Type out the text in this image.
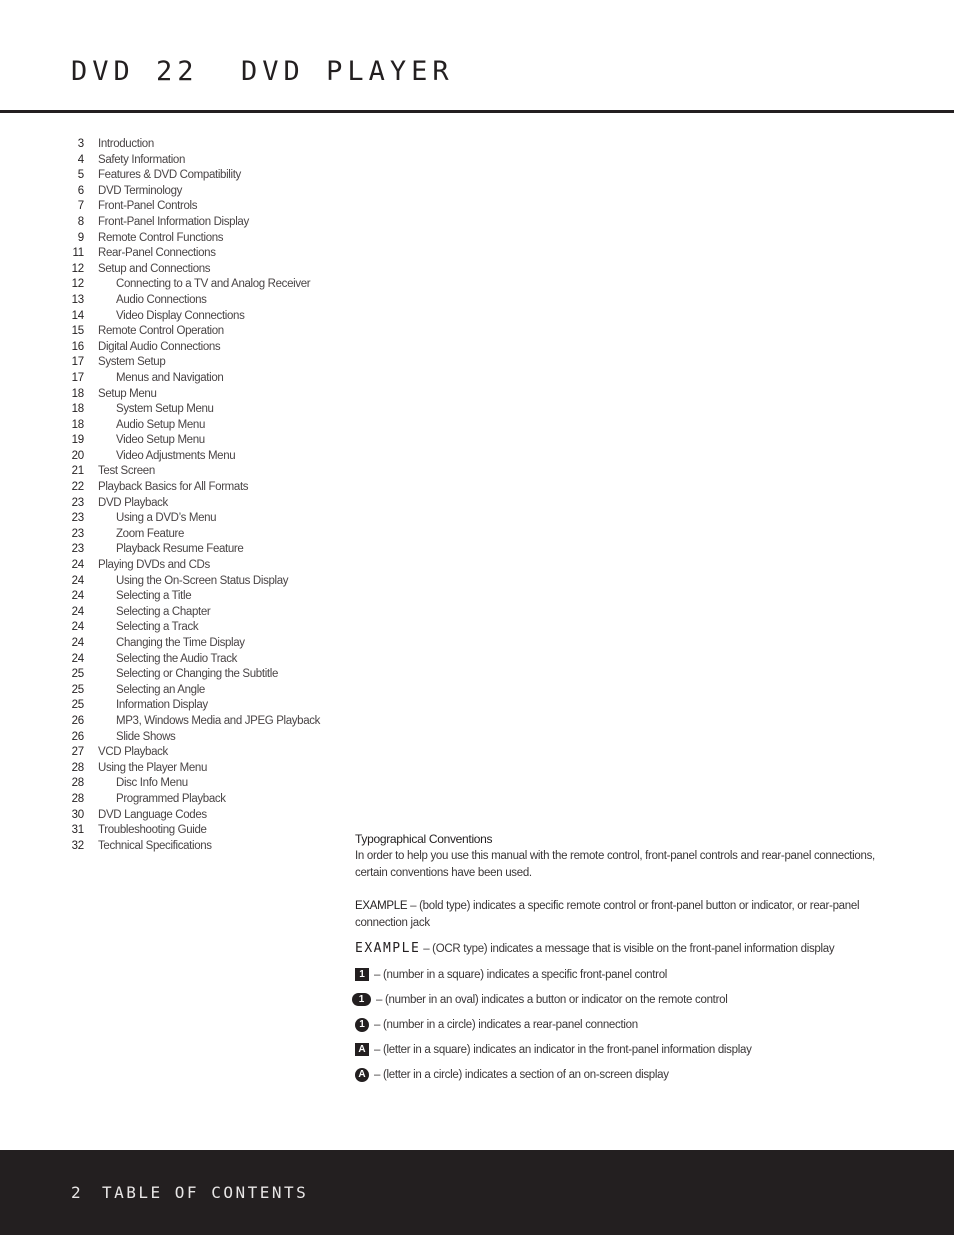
DVD 22  DVD PLAYER
3 Introduction
4 Safety Information
5 Features & DVD Compatibility
6 DVD Terminology
7 Front-Panel Controls
8 Front-Panel Information Display
9 Remote Control Functions
11 Rear-Panel Connections
12 Setup and Connections
12	Connecting to a TV and Analog Receiver
13	Audio Connections
14	Video Display Connections
15 Remote Control Operation
16 Digital Audio Connections
17 System Setup
17	Menus and Navigation
18 Setup Menu
18	System Setup Menu
18	Audio Setup Menu
19	Video Setup Menu
20	Video Adjustments Menu
21 Test Screen
22 Playback Basics for All Formats
23 DVD Playback
23	Using a DVD’s Menu
23	Zoom Feature
23	Playback Resume Feature
24 Playing DVDs and CDs
24	Using the On-Screen Status Display
24	Selecting a Title
24	Selecting a Chapter
24	Selecting a Track
24	Changing the Time Display
24	Selecting the Audio Track
25	Selecting or Changing the Subtitle
25	Selecting an Angle
25	Information Display
26	MP3, Windows Media and JPEG Playback
26	Slide Shows
27 VCD Playback
28 Using the Player Menu
28	Disc Info Menu
28	Programmed Playback
30 DVD Language Codes
31 Troubleshooting Guide
32 Technical Specifications	Typographical Conventions

In order to help you use this manual with the remote control, front-panel controls and rear-panel connections, certain conventions have been used.

EXAMPLE – (bold type) indicates a specific remote control or front-panel button or indicator, or rear-panel connection jack

EXAMPLE – (OCR type) indicates a message that is visible on the front-panel information display
1 – (number in a square) indicates a specific front-panel control
1	– (number in an oval) indicates a button or indicator on the remote control
1 – (number in a circle) indicates a rear-panel connection
A – (letter in a square) indicates an indicator in the front-panel information display
A – (letter in a circle) indicates a section of an on-screen display
2 TABLE OF CONTENTS
